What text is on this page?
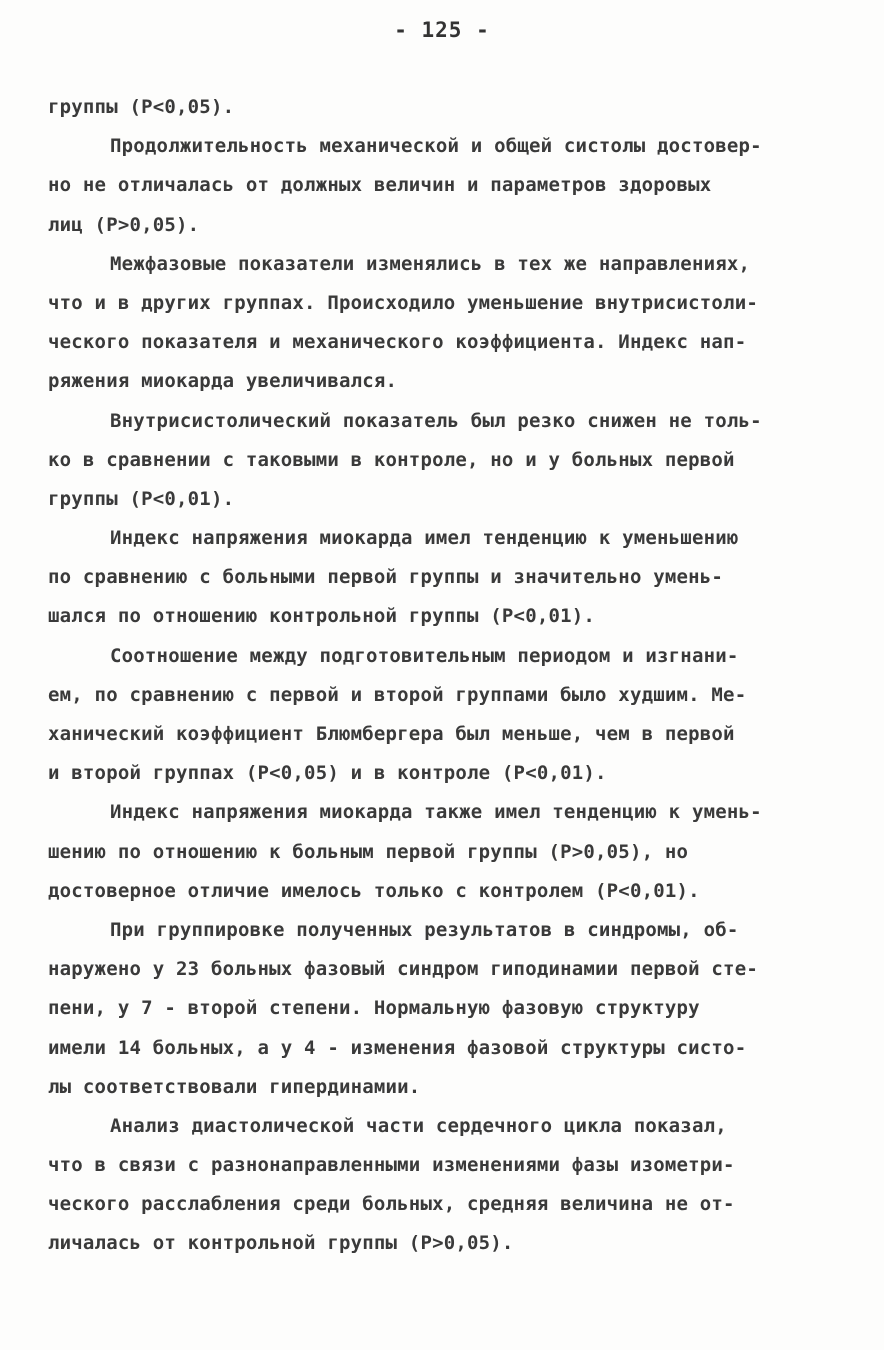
- 125 -
группы (Р<0,05).
Продолжительность механической и общей систолы достовер-
но не отличалась от должных величин и параметров здоровых
лиц (Р>0,05).
Межфазовые показатели изменялись в тех же направлениях,
что и в других группах. Происходило уменьшение внутрисистоли-
ческого показателя и механического коэффициента. Индекс нап-
ряжения миокарда увеличивался.
Внутрисистолический показатель был резко снижен не толь-
ко в сравнении с таковыми в контроле, но и у больных первой
группы (Р<0,01).
Индекс напряжения миокарда имел тенденцию к уменьшению
по сравнению с больными первой группы и значительно умень-
шался по отношению контрольной группы (Р<0,01).
Соотношение между подготовительным периодом и изгнани-
ем, по сравнению с первой и второй группами было худшим. Ме-
ханический коэффициент Блюмбергера был меньше, чем в первой
и второй группах (Р<0,05) и в контроле (Р<0,01).
Индекс напряжения миокарда также имел тенденцию к умень-
шению по отношению к больным первой группы (Р>0,05), но
достоверное отличие имелось только с контролем (Р<0,01).
При группировке полученных результатов в синдромы, об-
наружено у 23 больных фазовый синдром гиподинамии первой сте-
пени, у 7 - второй степени. Нормальную фазовую структуру
имели 14 больных, а у 4 - изменения фазовой структуры систо-
лы соответствовали гипердинамии.
Анализ диастолической части сердечного цикла показал,
что в связи с разнонаправленными изменениями фазы изометри-
ческого расслабления среди больных, средняя величина не от-
личалась от контрольной группы (Р>0,05).
